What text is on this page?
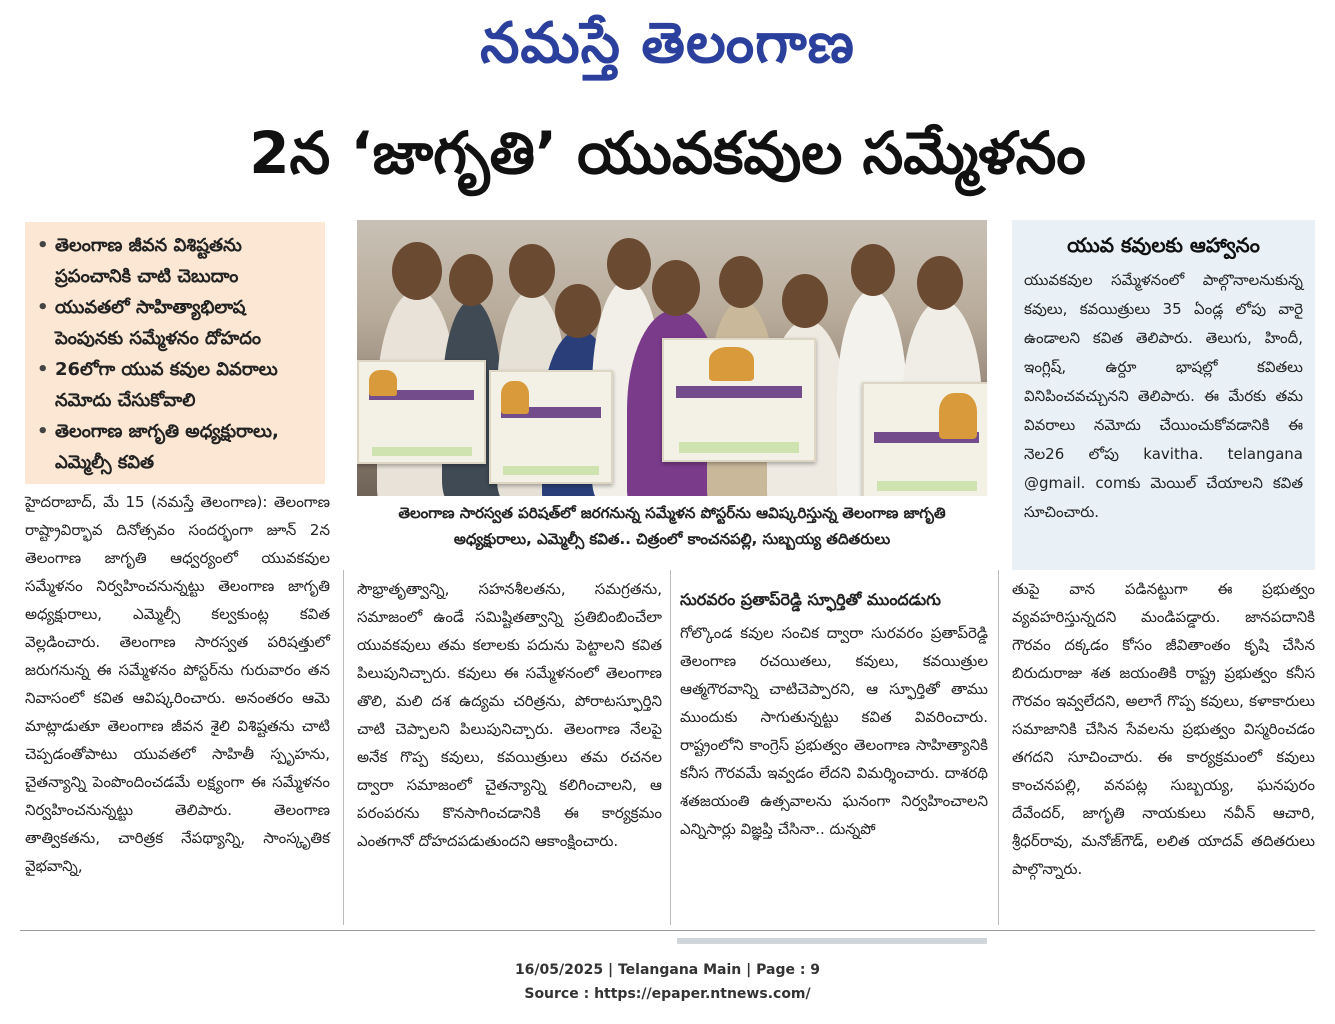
నమస్తే తెలంగాణ
2న ‘జాగృతి’ యువకవుల సమ్మేళనం
• తెలంగాణ జీవన విశిష్టతను ప్రపంచానికి చాటి చెబుదాం
• యువతలో సాహిత్యాభిలాష పెంపునకు సమ్మేళనం దోహదం
• 26లోగా యువ కవుల వివరాలు నమోదు చేసుకోవాలి
• తెలంగాణ జాగృతి అధ్యక్షురాలు, ఎమ్మెల్సీ కవిత
తెలంగాణ సారస్వత పరిషత్‌లో జరగనున్న సమ్మేళన పోస్టర్‌ను ఆవిష్కరిస్తున్న తెలంగాణ జాగృతి అధ్యక్షురాలు, ఎమ్మెల్సీ కవిత.. చిత్రంలో కాంచనపల్లి, సుబ్బయ్య తదితరులు
యువ కవులకు ఆహ్వానం

యువకవుల సమ్మేళనంలో పాల్గొనాలనుకున్న కవులు, కవయిత్రులు 35 ఏండ్ల లోపు వారై ఉండాలని కవిత తెలిపారు. తెలుగు, హిందీ, ఇంగ్లిష్, ఉర్దూ భాషల్లో కవితలు వినిపించవచ్చునని తెలిపారు. ఈ మేరకు తమ వివరాలు నమోదు చేయించుకోవడానికి ఈ నెల26 లోపు kavitha. telangana @gmail. comకు మెయిల్ చేయాలని కవిత సూచించారు.

హైదరాబాద్, మే 15 (నమస్తే తెలంగాణ): తెలంగాణ రాష్ట్రావిర్భావ దినోత్సవం సందర్భంగా జూన్ 2న తెలంగాణ జాగృతి ఆధ్వర్యంలో యువకవుల సమ్మేళనం నిర్వహించనున్నట్టు తెలంగాణ జాగృతి అధ్యక్షురాలు, ఎమ్మెల్సీ కల్వకుంట్ల కవిత వెల్లడించారు. తెలంగాణ సారస్వత పరిషత్తులో జరుగనున్న ఈ సమ్మేళనం పోస్టర్‌ను గురువారం తన నివాసంలో కవిత ఆవిష్కరించారు. అనంతరం ఆమె మాట్లాడుతూ తెలంగాణ జీవన శైలి విశిష్టతను చాటి చెప్పడంతోపాటు యువతలో సాహితీ స్పృహను, చైతన్యాన్ని పెంపొందించడమే లక్ష్యంగా ఈ సమ్మేళనం నిర్వహించనున్నట్టు తెలిపారు. తెలంగాణ తాత్వికతను, చారిత్రక నేపథ్యాన్ని, సాంస్కృతిక వైభవాన్ని,

సౌభ్రాతృత్వాన్ని, సహనశీలతను, సమగ్రతను, సమాజంలో ఉండే సమిష్టితత్వాన్ని ప్రతిబింబించేలా యువకవులు తమ కలాలకు పదును పెట్టాలని కవిత పిలుపునిచ్చారు. కవులు ఈ సమ్మేళనంలో తెలంగాణ తొలి, మలి దశ ఉద్యమ చరిత్రను, పోరాటస్ఫూర్తిని చాటి చెప్పాలని పిలుపునిచ్చారు. తెలంగాణ నేలపై అనేక గొప్ప కవులు, కవయిత్రులు తమ రచనల ద్వారా సమాజంలో చైతన్యాన్ని కలిగించాలని, ఆ పరంపరను కొనసాగించడానికి ఈ కార్యక్రమం ఎంతగానో దోహదపడుతుందని ఆకాంక్షించారు.

సురవరం ప్రతాప్‌రెడ్డి స్ఫూర్తితో ముందడుగు

గోల్కొండ కవుల సంచిక ద్వారా సురవరం ప్రతాప్‌రెడ్డి తెలంగాణ రచయితలు, కవులు, కవయిత్రుల ఆత్మగౌరవాన్ని చాటిచెప్పారని, ఆ స్ఫూర్తితో తాము ముందుకు సాగుతున్నట్టు కవిత వివరించారు. రాష్ట్రంలోని కాంగ్రెస్ ప్రభుత్వం తెలంగాణ సాహిత్యానికి కనీస గౌరవమే ఇవ్వడం లేదని విమర్శించారు. దాశరథి శతజయంతి ఉత్సవాలను ఘనంగా నిర్వహించాలని ఎన్నిసార్లు విజ్ఞప్తి చేసినా.. దున్నపో

తుపై వాన పడినట్టుగా ఈ ప్రభుత్వం వ్యవహరిస్తున్నదని మండిపడ్డారు. జానపదానికి గౌరవం దక్కడం కోసం జీవితాంతం కృషి చేసిన బిరుదురాజు శత జయంతికి రాష్ట్ర ప్రభుత్వం కనీస గౌరవం ఇవ్వలేదని, అలాగే గొప్ప కవులు, కళాకారులు సమాజానికి చేసిన సేవలను ప్రభుత్వం విస్మరించడం తగదని సూచించారు. ఈ కార్యక్రమంలో కవులు కాంచనపల్లి, వనపట్ల సుబ్బయ్య, ఘనపురం దేవేందర్, జాగృతి నాయకులు నవీన్ ఆచారి, శ్రీధర్‌రావు, మనోజ్‌గౌడ్, లలిత యాదవ్ తదితరులు పాల్గొన్నారు.

16/05/2025 | Telangana Main | Page : 9
Source : https://epaper.ntnews.com/
